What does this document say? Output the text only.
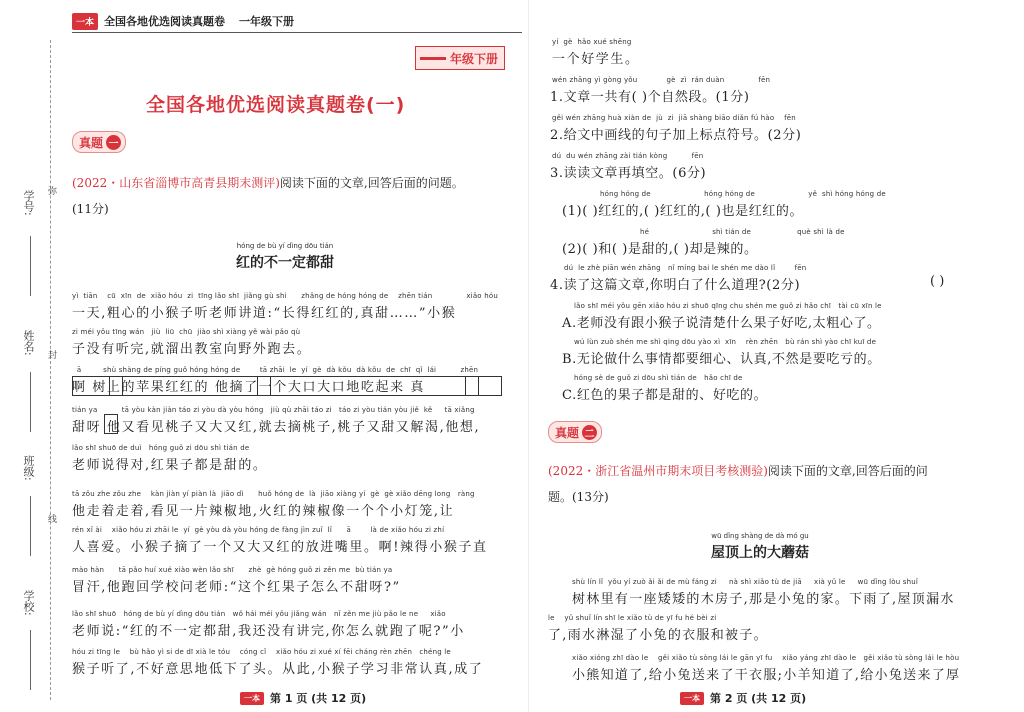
学号:
姓名:
班级:
学校:
弥
封
线
一本 全国各地优选阅读真题卷 一年级下册
年级下册
全国各地优选阅读真题卷(一)
真题 一
(2022・山东省淄博市高青县期末测评)阅读下面的文章,回答后面的问题。
(11分)
hóng de bù yí dìng dōu tián
红的不一定都甜
yì  tiān    cū  xīn  de  xiǎo hóu  zi  tīng lǎo shī  jiǎng gù shi      zhǎng de hóng hóng de    zhēn tián              xiǎo hóu
一天,粗心的小猴子听老师讲道:“长得红红的,真甜……”小猴
zi méi yǒu tīng wán   jiù  liū  chū  jiào shì xiàng yě wài pǎo qù
子没有听完,就溜出教室向野外跑去。
ā         shù shàng de píng guǒ hóng hóng de        tā zhāi  le  yí  gè  dà kǒu  dà kǒu  de  chī  qǐ  lái          zhēn
啊 树上的苹果红红的 他摘了一个大口大口地吃起来 真
tián ya          tā yòu kàn jiàn táo zi yòu dà yòu hóng   jiù qù zhāi táo zi   táo zi yòu tián yòu jiě  kě     tā xiǎng
甜呀 他又看见桃子又大又红,就去摘桃子,桃子又甜又解渴,他想,
lǎo shī shuō de duì   hóng guǒ zi dōu shì tián de
老师说得对,红果子都是甜的。
tā zǒu zhe zǒu zhe    kàn jiàn yí piàn là  jiāo dì      huǒ hóng de  là  jiāo xiàng yí  gè  gè xiǎo dēng long   ràng
他走着走着,看见一片辣椒地,火红的辣椒像一个个小灯笼,让
rén xǐ ài    xiǎo hóu zi zhāi le  yí  gè yòu dà yòu hóng de fàng jìn zuǐ  lǐ      ā        là de xiǎo hóu zi zhí
人喜爱。小猴子摘了一个又大又红的放进嘴里。啊!辣得小猴子直
mào hàn      tā pǎo huí xué xiào wèn lǎo shī      zhè  gè hóng guǒ zi zěn me  bù tián ya
冒汗,他跑回学校问老师:“这个红果子怎么不甜呀?”
lǎo shī shuō   hóng de bù yí dìng dōu tián   wǒ hái méi yǒu jiǎng wán   nǐ zěn me jiù pǎo le ne     xiǎo
老师说:“红的不一定都甜,我还没有讲完,你怎么就跑了呢?”小
hóu zi tīng le    bù hǎo yì si de dī xià le tóu    cóng cǐ    xiǎo hóu zi xué xí fēi cháng rèn zhēn   chéng le
猴子听了,不好意思地低下了头。从此,小猴子学习非常认真,成了
一本 第 1 页 (共 12 页)
yí  gè  hǎo xué shēng
一个好学生。
wén zhāng yì gòng yǒu            gè  zì  rán duàn              fēn
1.文章一共有( )个自然段。(1分)
gěi wén zhāng huà xiàn de  jù  zi  jiā shàng biāo diǎn fú hào    fēn
2.给文中画线的句子加上标点符号。(2分)
dú  du wén zhāng zài tián kòng          fēn
3.读读文章再填空。(6分)
hóng hóng de                      hóng hóng de                      yě  shì hóng hóng de
(1)( )红红的,( )红红的,( )也是红红的。
hé                          shì tián de                   què shì là de
(2)( )和( )是甜的,( )却是辣的。
dú  le zhè piān wén zhāng   nǐ míng bai le shén me dào lǐ        fēn
4.读了这篇文章,你明白了什么道理?(2分)	( )
lǎo shī méi yǒu gēn xiǎo hóu zi shuō qīng chu shén me guǒ zi hǎo chī   tài cū xīn le
A.老师没有跟小猴子说清楚什么果子好吃,太粗心了。
wú lùn zuò shén me shì qing dōu yào xì  xīn    rèn zhēn   bù rán shì yào chī kuī de
B.无论做什么事情都要细心、认真,不然是要吃亏的。
hóng sè de guǒ zi dōu shì tián de   hǎo chī de
C.红色的果子都是甜的、好吃的。
真题 二
(2022・浙江省温州市期末项目考核测验)阅读下面的文章,回答后面的问
题。(13分)
wū dǐng shàng de dà mó gu
屋顶上的大蘑菇
shù lín lǐ  yǒu yí zuò ǎi ǎi de mù fáng zi     nà shì xiǎo tù de jiā     xià yǔ le     wū dǐng lòu shuǐ
树林里有一座矮矮的木房子,那是小兔的家。下雨了,屋顶漏水
le    yǔ shuǐ lín shī le xiǎo tù de yī fu hé bèi zi
了,雨水淋湿了小兔的衣服和被子。
xiǎo xióng zhī dào le    gěi xiǎo tù sòng lái le gān yī fu    xiǎo yáng zhī dào le   gěi xiǎo tù sòng lái le hòu
小熊知道了,给小兔送来了干衣服;小羊知道了,给小兔送来了厚
一本 第 2 页 (共 12 页)
